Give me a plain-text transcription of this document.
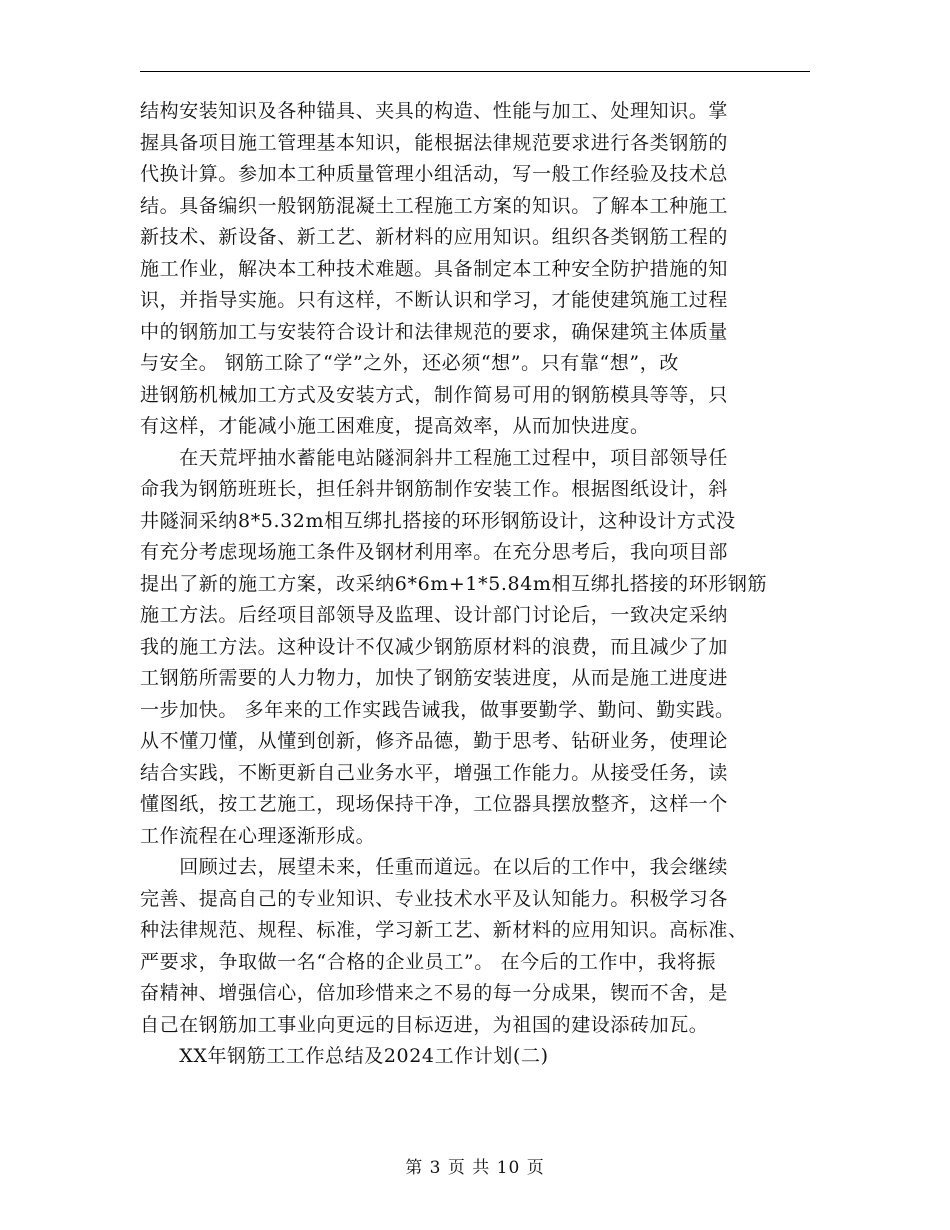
结构安装知识及各种锚具、夹具的构造、性能与加工、处理知识。掌
握具备项目施工管理基本知识，能根据法律规范要求进行各类钢筋的
代换计算。参加本工种质量管理小组活动，写一般工作经验及技术总
结。具备编织一般钢筋混凝土工程施工方案的知识。了解本工种施工
新技术、新设备、新工艺、新材料的应用知识。组织各类钢筋工程的
施工作业，解决本工种技术难题。具备制定本工种安全防护措施的知
识，并指导实施。只有这样，不断认识和学习，才能使建筑施工过程
中的钢筋加工与安装符合设计和法律规范的要求，确保建筑主体质量
与安全。 钢筋工除了“学”之外，还必须“想”。只有靠“想”，改
进钢筋机械加工方式及安装方式，制作简易可用的钢筋模具等等，只
有这样，才能减小施工困难度，提高效率，从而加快进度。
　　在天荒坪抽水蓄能电站隧洞斜井工程施工过程中，项目部领导任
命我为钢筋班班长，担任斜井钢筋制作安装工作。根据图纸设计，斜
井隧洞采纳8*5.32m相互绑扎搭接的环形钢筋设计，这种设计方式没
有充分考虑现场施工条件及钢材利用率。在充分思考后，我向项目部
提出了新的施工方案，改采纳6*6m+1*5.84m相互绑扎搭接的环形钢筋
施工方法。后经项目部领导及监理、设计部门讨论后，一致决定采纳
我的施工方法。这种设计不仅减少钢筋原材料的浪费，而且减少了加
工钢筋所需要的人力物力，加快了钢筋安装进度，从而是施工进度进
一步加快。 多年来的工作实践告诫我，做事要勤学、勤问、勤实践。
从不懂刀懂，从懂到创新，修齐品德，勤于思考、钻研业务，使理论
结合实践，不断更新自己业务水平，增强工作能力。从接受任务，读
懂图纸，按工艺施工，现场保持干净，工位器具摆放整齐，这样一个
工作流程在心理逐渐形成。
　　回顾过去，展望未来，任重而道远。在以后的工作中，我会继续
完善、提高自己的专业知识、专业技术水平及认知能力。积极学习各
种法律规范、规程、标准，学习新工艺、新材料的应用知识。高标准、
严要求，争取做一名“合格的企业员工”。 在今后的工作中，我将振
奋精神、增强信心，倍加珍惜来之不易的每一分成果，锲而不舍，是
自己在钢筋加工事业向更远的目标迈进，为祖国的建设添砖加瓦。
　　XX年钢筋工工作总结及2024工作计划(二)
第 3 页 共 10 页
